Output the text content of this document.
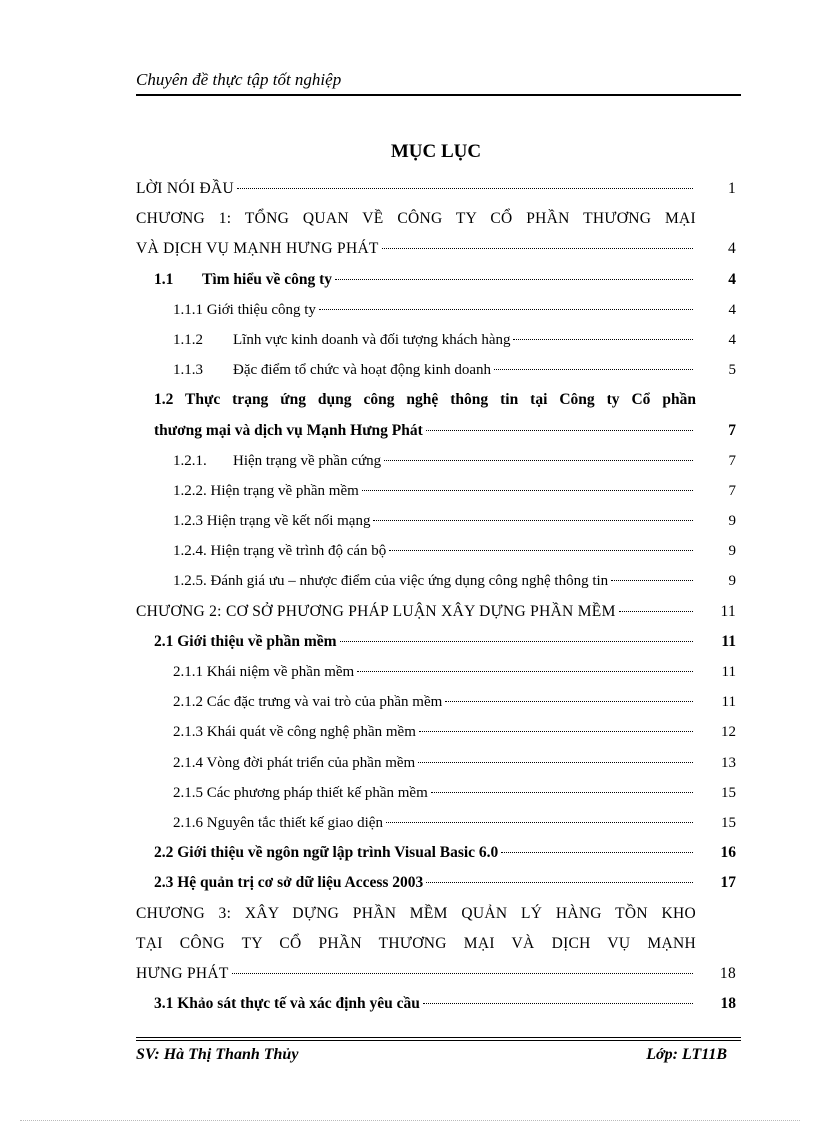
Chuyên đề thực tập tốt nghiệp
MỤC LỤC
LỜI NÓI ĐẦU	1
CHƯƠNG 1: TỔNG QUAN VỀ CÔNG TY CỔ PHẦN THƯƠNG MẠI
VÀ DỊCH VỤ MẠNH HƯNG PHÁT	4
1.1 Tìm hiểu về công ty	4
1.1.1 Giới thiệu công ty	4
1.1.2 Lĩnh vực kinh doanh và đối tượng khách hàng	4
1.1.3 Đặc điểm tổ chức và hoạt động kinh doanh	5
1.2 Thực trạng ứng dụng công nghệ thông tin tại Công ty Cổ phần
thương mại và dịch vụ Mạnh Hưng Phát	7
1.2.1. Hiện trạng về phần cứng	7
1.2.2. Hiện trạng về phần mềm	7
1.2.3 Hiện trạng về kết nối mạng	9
1.2.4. Hiện trạng về trình độ cán bộ	9
1.2.5. Đánh giá ưu – nhược điểm của việc ứng dụng công nghệ thông tin	9
CHƯƠNG 2: CƠ SỞ PHƯƠNG PHÁP LUẬN XÂY DỰNG PHẦN MỀM	11
2.1 Giới thiệu về phần mềm	11
2.1.1 Khái niệm về phần mềm	11
2.1.2 Các đặc trưng và vai trò của phần mềm	11
2.1.3 Khái quát về công nghệ phần mềm	12
2.1.4 Vòng đời phát triển của phần mềm	13
2.1.5 Các phương pháp thiết kế phần mềm	15
2.1.6 Nguyên tắc thiết kế giao diện	15
2.2 Giới thiệu về ngôn ngữ lập trình Visual Basic 6.0	16
2.3 Hệ quản trị cơ sở dữ liệu Access 2003	17
CHƯƠNG 3: XÂY DỰNG PHẦN MỀM QUẢN LÝ HÀNG TỒN KHO
TẠI CÔNG TY CỔ PHẦN THƯƠNG MẠI VÀ DỊCH VỤ MẠNH
HƯNG PHÁT	18
3.1 Khảo sát thực tế và xác định yêu cầu	18
SV: Hà Thị Thanh Thủy	Lớp: LT11B
